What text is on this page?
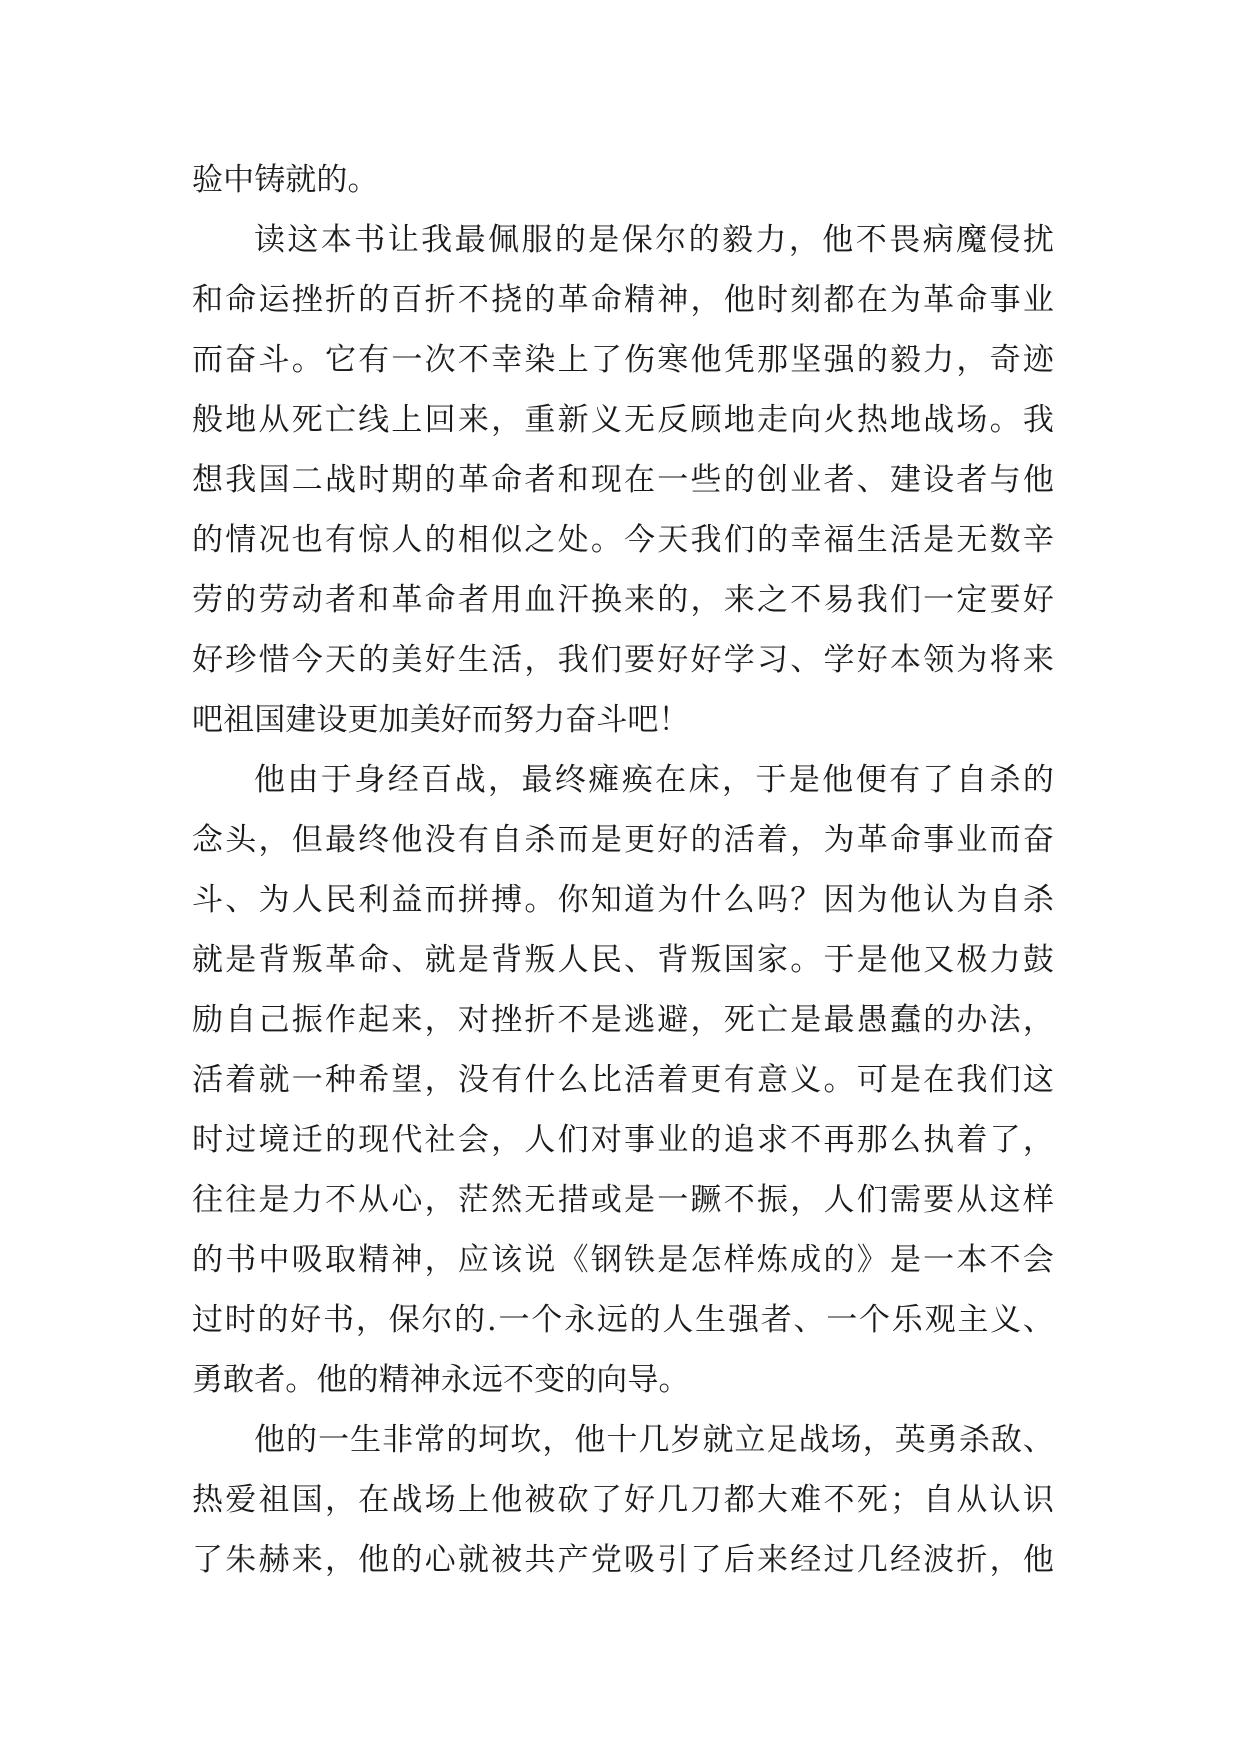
验中铸就的。
读这本书让我最佩服的是保尔的毅力，他不畏病魔侵扰
和命运挫折的百折不挠的革命精神，他时刻都在为革命事业
而奋斗。它有一次不幸染上了伤寒他凭那坚强的毅力，奇迹
般地从死亡线上回来，重新义无反顾地走向火热地战场。我
想我国二战时期的革命者和现在一些的创业者、建设者与他
的情况也有惊人的相似之处。今天我们的幸福生活是无数辛
劳的劳动者和革命者用血汗换来的，来之不易我们一定要好
好珍惜今天的美好生活，我们要好好学习、学好本领为将来
吧祖国建设更加美好而努力奋斗吧！
他由于身经百战，最终瘫痪在床，于是他便有了自杀的
念头，但最终他没有自杀而是更好的活着，为革命事业而奋
斗、为人民利益而拼搏。你知道为什么吗？因为他认为自杀
就是背叛革命、就是背叛人民、背叛国家。于是他又极力鼓
励自己振作起来，对挫折不是逃避，死亡是最愚蠢的办法，
活着就一种希望，没有什么比活着更有意义。可是在我们这
时过境迁的现代社会，人们对事业的追求不再那么执着了，
往往是力不从心，茫然无措或是一蹶不振，人们需要从这样
的书中吸取精神，应该说《钢铁是怎样炼成的》是一本不会
过时的好书，保尔的.一个永远的人生强者、一个乐观主义、
勇敢者。他的精神永远不变的向导。
他的一生非常的坷坎，他十几岁就立足战场，英勇杀敌、
热爱祖国，在战场上他被砍了好几刀都大难不死；自从认识
了朱赫来，他的心就被共产党吸引了后来经过几经波折，他
